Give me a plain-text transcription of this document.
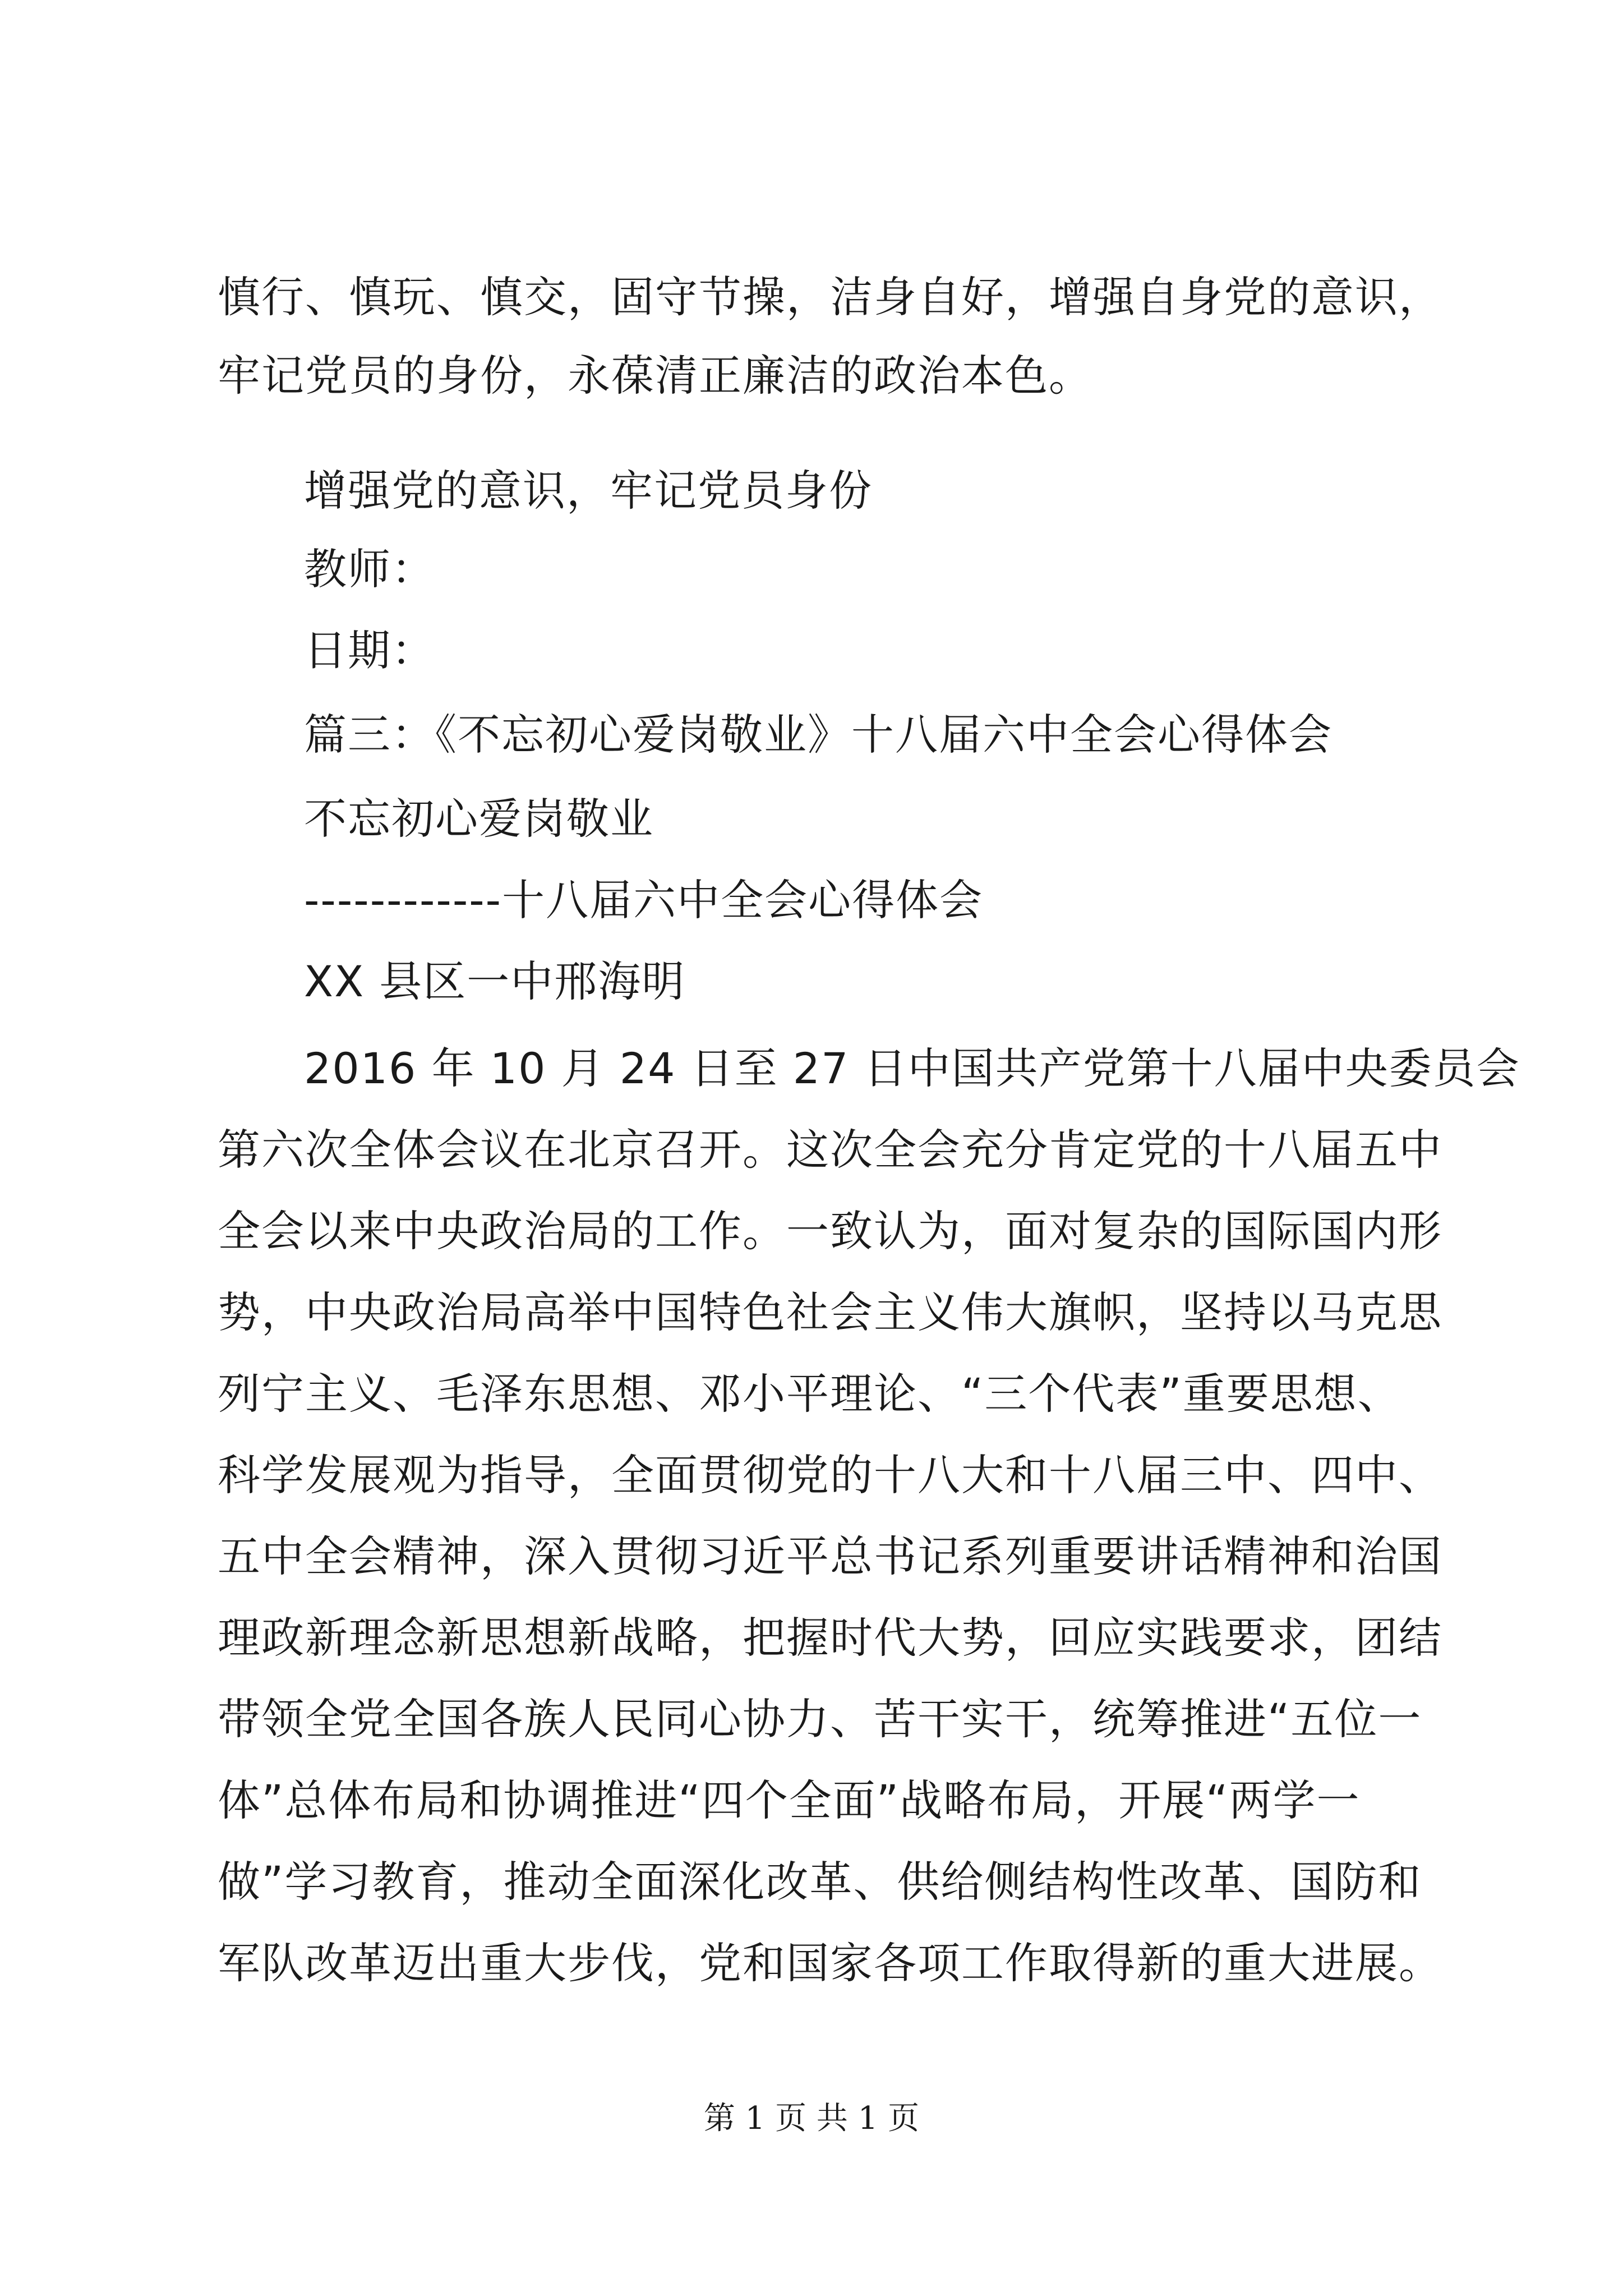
慎行、慎玩、慎交，固守节操，洁身自好，增强自身党的意识，
牢记党员的身份，永葆清正廉洁的政治本色。
增强党的意识，牢记党员身份
教师：
日期：
篇三：《不忘初心爱岗敬业》十八届六中全会心得体会
不忘初心爱岗敬业
------------十八届六中全会心得体会
XX 县区一中邢海明
2016 年 10 月 24 日至 27 日中国共产党第十八届中央委员会
第六次全体会议在北京召开。这次全会充分肯定党的十八届五中
全会以来中央政治局的工作。一致认为，面对复杂的国际国内形
势，中央政治局高举中国特色社会主义伟大旗帜，坚持以马克思
列宁主义、毛泽东思想、邓小平理论、“三个代表”重要思想、
科学发展观为指导，全面贯彻党的十八大和十八届三中、四中、
五中全会精神，深入贯彻习近平总书记系列重要讲话精神和治国
理政新理念新思想新战略，把握时代大势，回应实践要求，团结
带领全党全国各族人民同心协力、苦干实干，统筹推进“五位一
体”总体布局和协调推进“四个全面”战略布局，开展“两学一
做”学习教育，推动全面深化改革、供给侧结构性改革、国防和
军队改革迈出重大步伐，党和国家各项工作取得新的重大进展。
第 1 页 共 1 页
